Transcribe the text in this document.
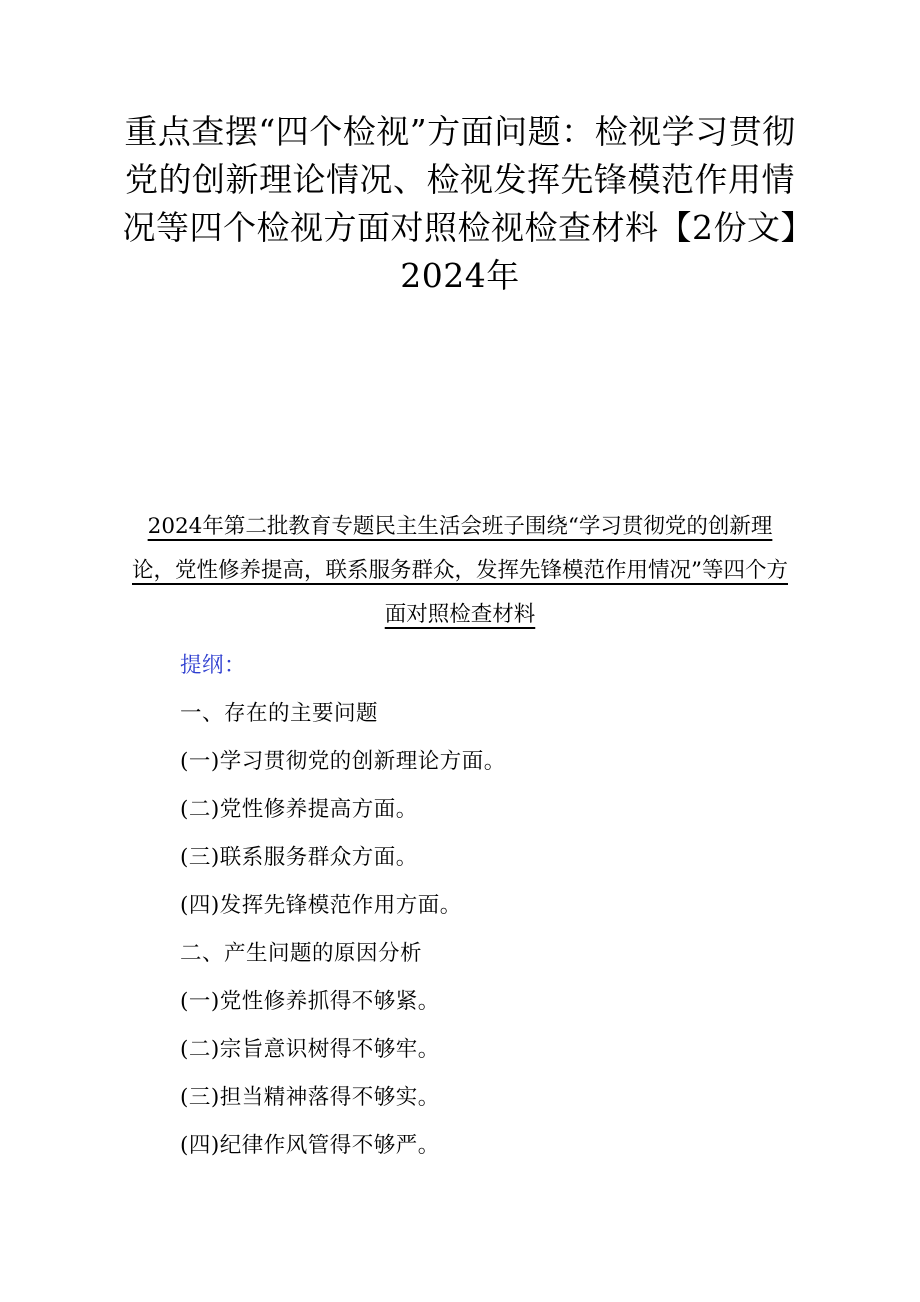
重点查摆“四个检视”方面问题：检视学习贯彻党的创新理论情况、检视发挥先锋模范作用情况等四个检视方面对照检视检查材料【2份文】2024年
2024年第二批教育专题民主生活会班子围绕“学习贯彻党的创新理论，党性修养提高，联系服务群众，发挥先锋模范作用情况”等四个方面对照检查材料
提纲：
一、存在的主要问题
(一)学习贯彻党的创新理论方面。
(二)党性修养提高方面。
(三)联系服务群众方面。
(四)发挥先锋模范作用方面。
二、产生问题的原因分析
(一)党性修养抓得不够紧。
(二)宗旨意识树得不够牢。
(三)担当精神落得不够实。
(四)纪律作风管得不够严。
